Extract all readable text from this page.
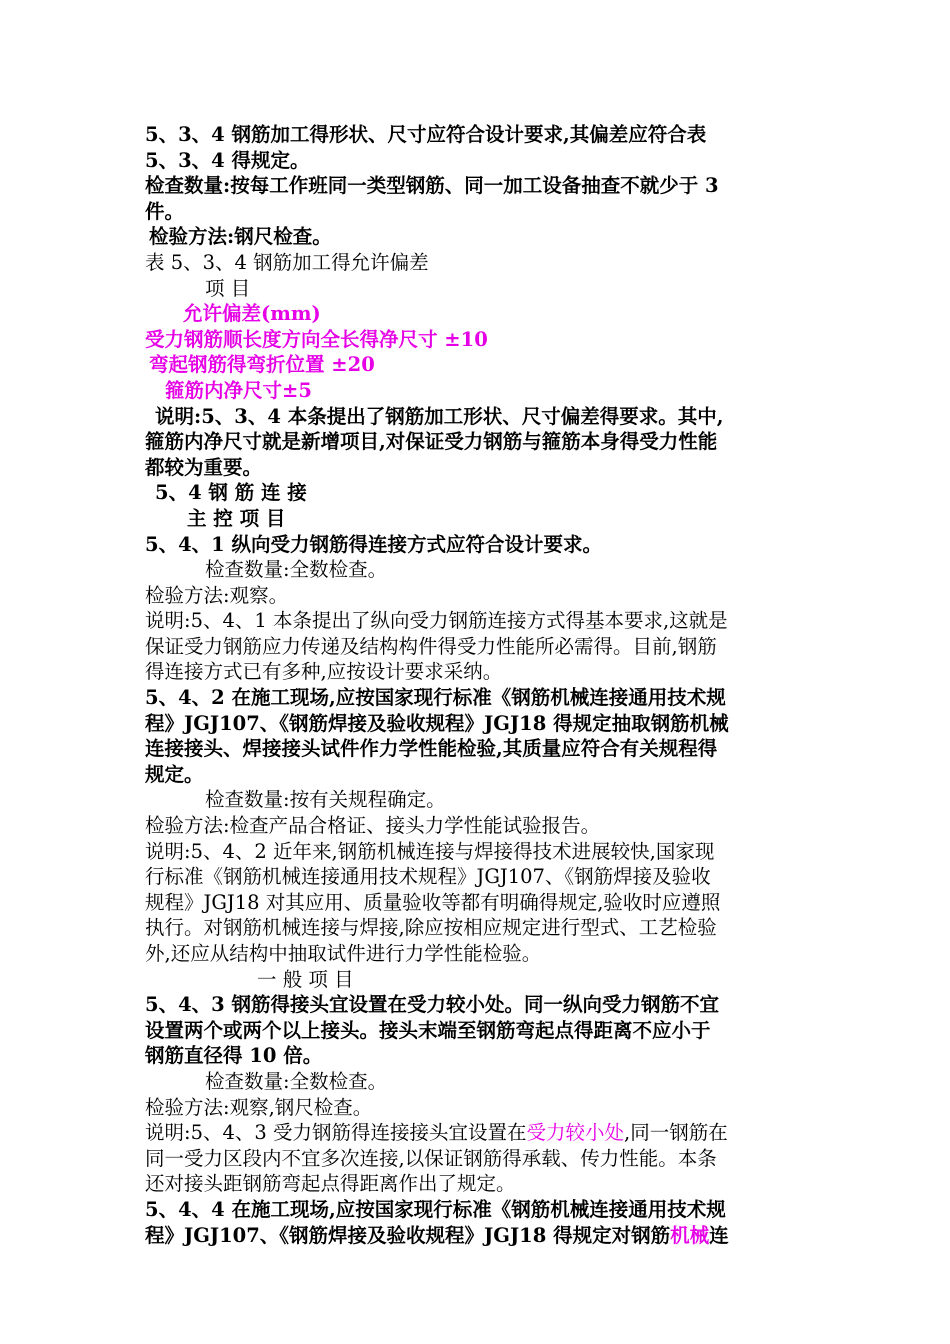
5、3、4 钢筋加工得形状、尺寸应符合设计要求,其偏差应符合表
5、3、4 得规定。
检查数量:按每工作班同一类型钢筋、同一加工设备抽查不就少于 3
件。
检验方法:钢尺检查。
表 5、3、4 钢筋加工得允许偏差
项 目
允许偏差(mm)
受力钢筋顺长度方向全长得净尺寸 ±10
弯起钢筋得弯折位置 ±20
箍筋内净尺寸±5
说明:5、3、4 本条提出了钢筋加工形状、尺寸偏差得要求。其中,
箍筋内净尺寸就是新增项目,对保证受力钢筋与箍筋本身得受力性能
都较为重要。
5、4 钢 筋 连 接
主 控 项 目
5、4、1 纵向受力钢筋得连接方式应符合设计要求。
检查数量:全数检查。
检验方法:观察。
说明:5、4、1 本条提出了纵向受力钢筋连接方式得基本要求,这就是
保证受力钢筋应力传递及结构构件得受力性能所必需得。目前,钢筋
得连接方式已有多种,应按设计要求采纳。
5、4、2 在施工现场,应按国家现行标准《钢筋机械连接通用技术规
程》JGJ107、《钢筋焊接及验收规程》JGJ18 得规定抽取钢筋机械
连接接头、焊接接头试件作力学性能检验,其质量应符合有关规程得
规定。
检查数量:按有关规程确定。
检验方法:检查产品合格证、接头力学性能试验报告。
说明:5、4、2 近年来,钢筋机械连接与焊接得技术进展较快,国家现
行标准《钢筋机械连接通用技术规程》JGJ107、《钢筋焊接及验收
规程》JGJ18 对其应用、质量验收等都有明确得规定,验收时应遵照
执行。对钢筋机械连接与焊接,除应按相应规定进行型式、工艺检验
外,还应从结构中抽取试件进行力学性能检验。
一 般 项 目
5、4、3 钢筋得接头宜设置在受力较小处。同一纵向受力钢筋不宜
设置两个或两个以上接头。接头末端至钢筋弯起点得距离不应小于
钢筋直径得 10 倍。
检查数量:全数检查。
检验方法:观察,钢尺检查。
说明:5、4、3 受力钢筋得连接接头宜设置在受力较小处,同一钢筋在
同一受力区段内不宜多次连接,以保证钢筋得承载、传力性能。本条
还对接头距钢筋弯起点得距离作出了规定。
5、4、4 在施工现场,应按国家现行标准《钢筋机械连接通用技术规
程》JGJ107、《钢筋焊接及验收规程》JGJ18 得规定对钢筋机械连
